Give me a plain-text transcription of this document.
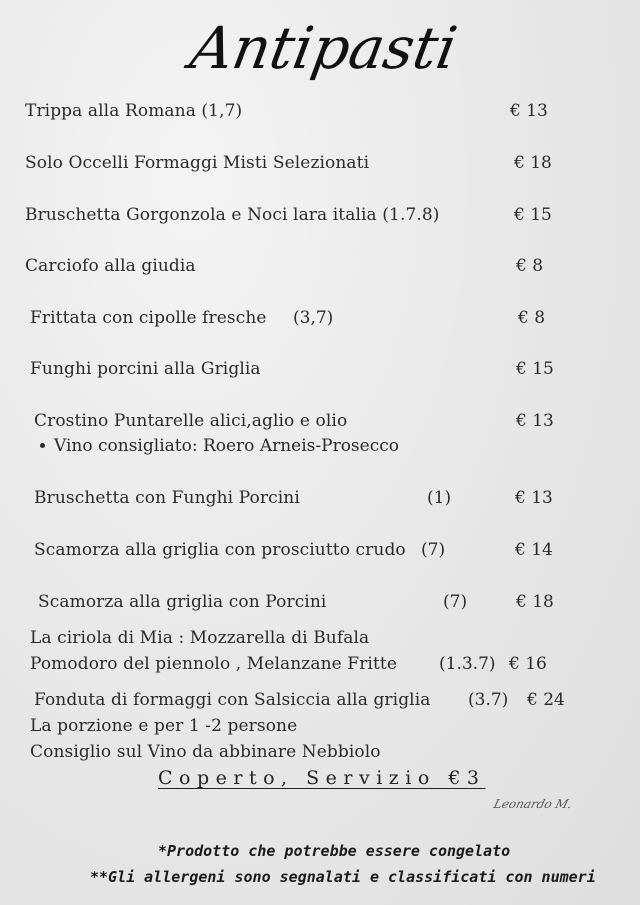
Antipasti
Trippa alla Romana (1,7)	€ 13
Solo Occelli Formaggi Misti Selezionati	€ 18
Bruschetta Gorgonzola e Noci lara italia (1.7.8)	€ 15
Carciofo alla giudia	€ 8
Frittata con cipolle fresche (3,7)	€ 8
Funghi porcini alla Griglia	€ 15
Crostino Puntarelle alici,aglio e olio	€ 13
Vino consigliato: Roero Arneis-Prosecco
Bruschetta con Funghi Porcini	(1)	€ 13
Scamorza alla griglia con prosciutto crudo (7)	€ 14
Scamorza alla griglia con Porcini	(7)	€ 18
La ciriola di Mia : Mozzarella di Bufala
Pomodoro del piennolo , Melanzane Fritte (1.3.7) € 16
Fonduta di formaggi con Salsiccia alla griglia (3.7) € 24
La porzione e per 1 -2 persone
Consiglio sul Vino da abbinare Nebbiolo
Coperto, Servizio €3
Leonardo M.
*Prodotto che potrebbe essere congelato
**Gli allergeni sono segnalati e classificati con numeri
